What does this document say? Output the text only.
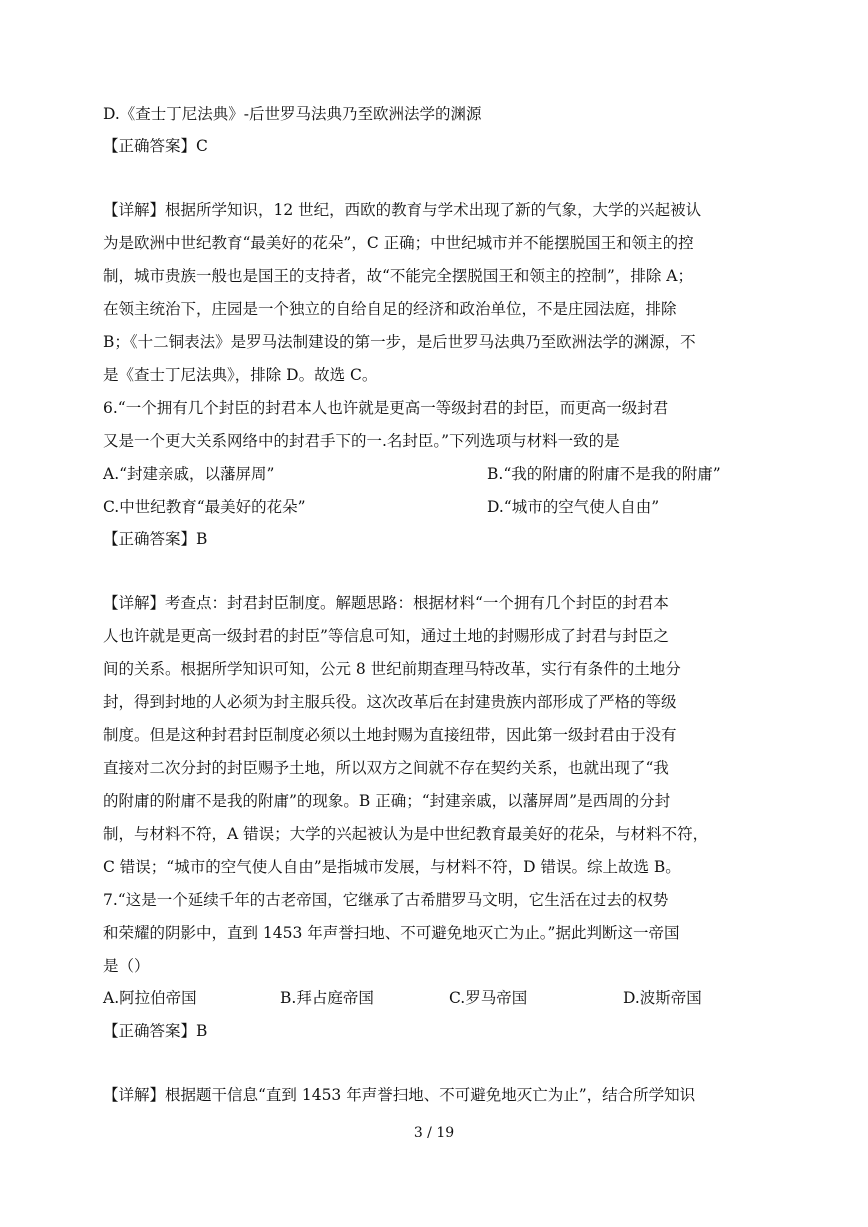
D.《查士丁尼法典》-后世罗马法典乃至欧洲法学的渊源
【正确答案】C
【详解】根据所学知识，12 世纪，西欧的教育与学术出现了新的气象，大学的兴起被认
为是欧洲中世纪教育“最美好的花朵”，C 正确；中世纪城市并不能摆脱国王和领主的控
制，城市贵族一般也是国王的支持者，故“不能完全摆脱国王和领主的控制”，排除 A；
在领主统治下，庄园是一个独立的自给自足的经济和政治单位，不是庄园法庭，排除
B；《十二铜表法》是罗马法制建设的第一步，是后世罗马法典乃至欧洲法学的渊源，不
是《查士丁尼法典》，排除 D。故选 C。
6.“一个拥有几个封臣的封君本人也许就是更高一等级封君的封臣，而更高一级封君
又是一个更大关系网络中的封君手下的一.名封臣。”下列选项与材料一致的是
A.“封建亲戚，以藩屏周”	B.“我的附庸的附庸不是我的附庸”
C.中世纪教育“最美好的花朵”	D.“城市的空气使人自由”
【正确答案】B
【详解】考查点：封君封臣制度。解题思路：根据材料“一个拥有几个封臣的封君本
人也许就是更高一级封君的封臣”等信息可知，通过土地的封赐形成了封君与封臣之
间的关系。根据所学知识可知，公元 8 世纪前期查理马特改革，实行有条件的土地分
封，得到封地的人必须为封主服兵役。这次改革后在封建贵族内部形成了严格的等级
制度。但是这种封君封臣制度必须以土地封赐为直接纽带，因此第一级封君由于没有
直接对二次分封的封臣赐予土地，所以双方之间就不存在契约关系，也就出现了“我
的附庸的附庸不是我的附庸”的现象。B 正确；“封建亲戚，以藩屏周”是西周的分封
制，与材料不符，A 错误；大学的兴起被认为是中世纪教育最美好的花朵，与材料不符，
C 错误；“城市的空气使人自由”是指城市发展，与材料不符，D 错误。综上故选 B。
7.“这是一个延续千年的古老帝国，它继承了古希腊罗马文明，它生活在过去的权势
和荣耀的阴影中，直到 1453 年声誉扫地、不可避免地灭亡为止。”据此判断这一帝国
是（）
A.阿拉伯帝国	B.拜占庭帝国	C.罗马帝国	D.波斯帝国
【正确答案】B
【详解】根据题干信息“直到 1453 年声誉扫地、不可避免地灭亡为止”，结合所学知识
3 / 19
